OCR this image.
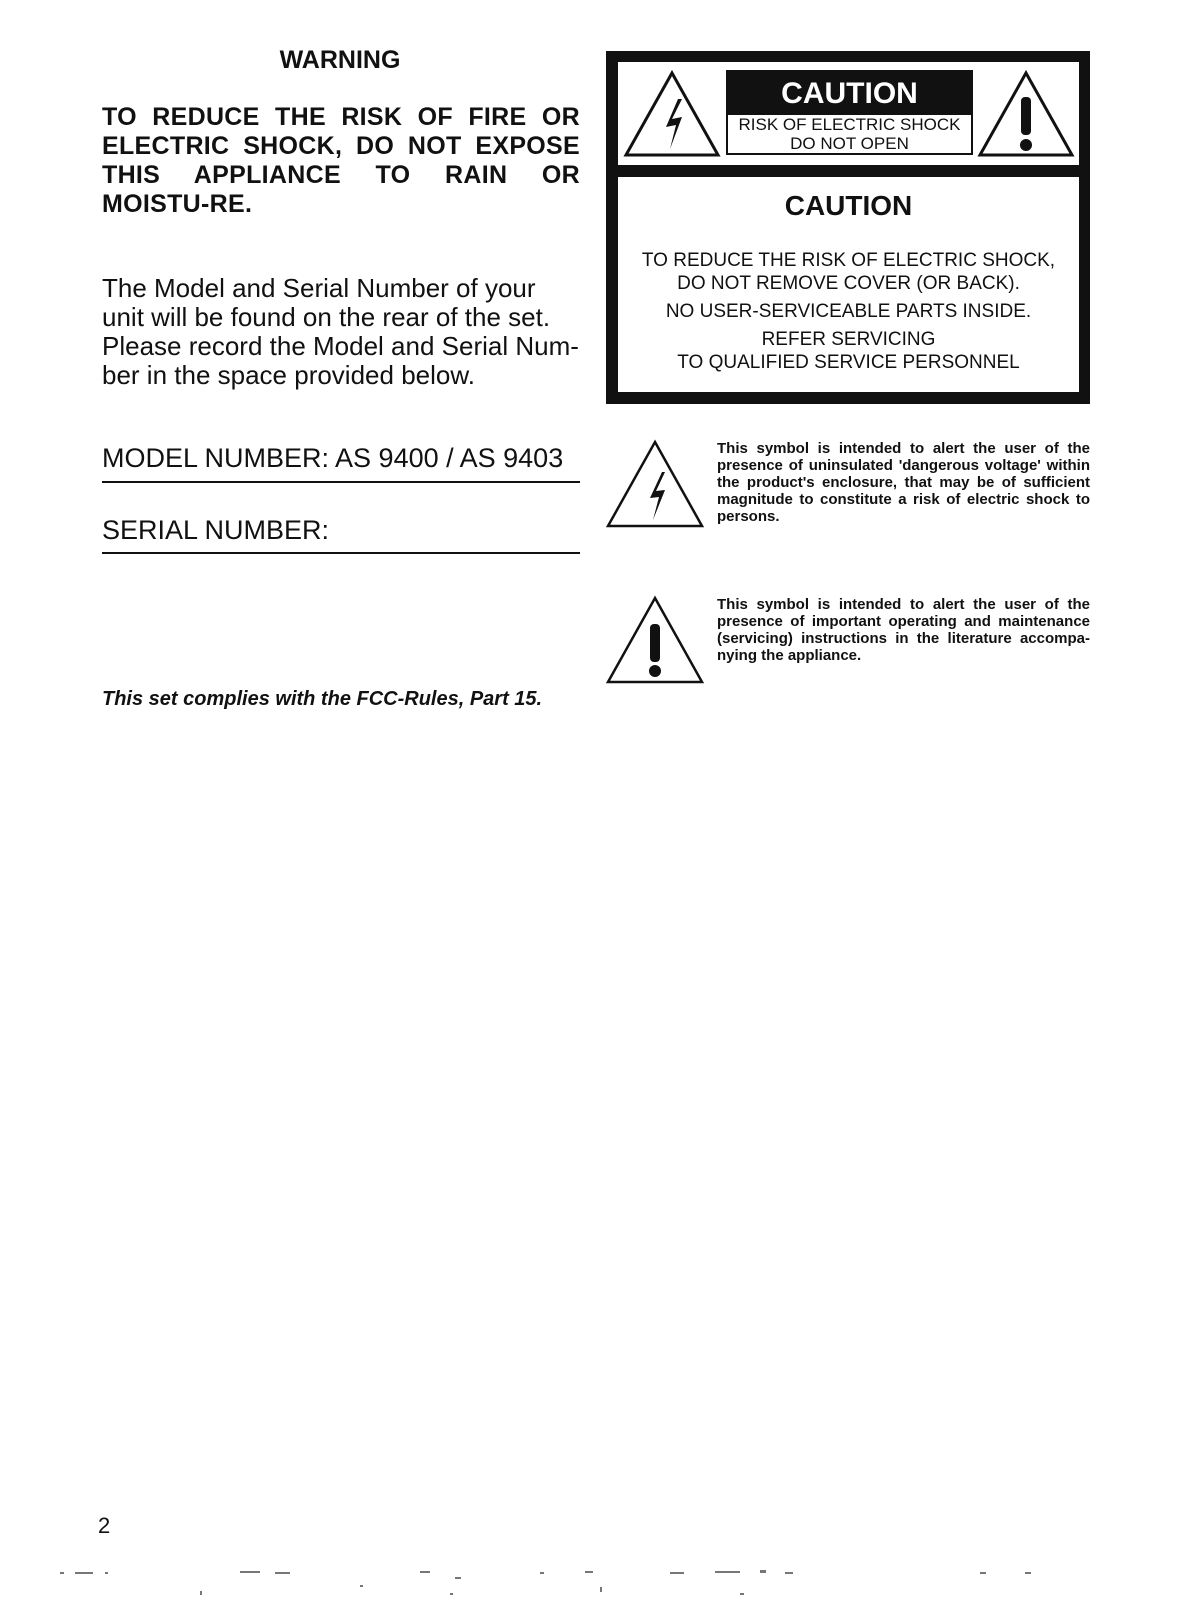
WARNING
TO REDUCE THE RISK OF FIRE OR ELECTRIC SHOCK, DO NOT EXPOSE THIS APPLIANCE TO RAIN OR MOISTU-RE.
The Model and Serial Number of your unit will be found on the rear of the set. Please record the Model and Serial Num-ber in the space provided below.
MODEL NUMBER: AS 9400 / AS 9403
SERIAL NUMBER:
This set complies with the FCC-Rules, Part 15.
CAUTION
RISK OF ELECTRIC SHOCK
DO NOT OPEN
CAUTION
TO REDUCE THE RISK OF ELECTRIC SHOCK,
DO NOT REMOVE COVER (OR BACK).
NO USER-SERVICEABLE PARTS INSIDE.
REFER SERVICING
TO QUALIFIED SERVICE PERSONNEL
This symbol is intended to alert the user of the presence of uninsulated 'dangerous voltage' within the product's enclosure, that may be of sufficient magnitude to constitute a risk of electric shock to persons.
This symbol is intended to alert the user of the presence of important operating and maintenance (servicing) instructions in the literature accompa-nying the appliance.
2
